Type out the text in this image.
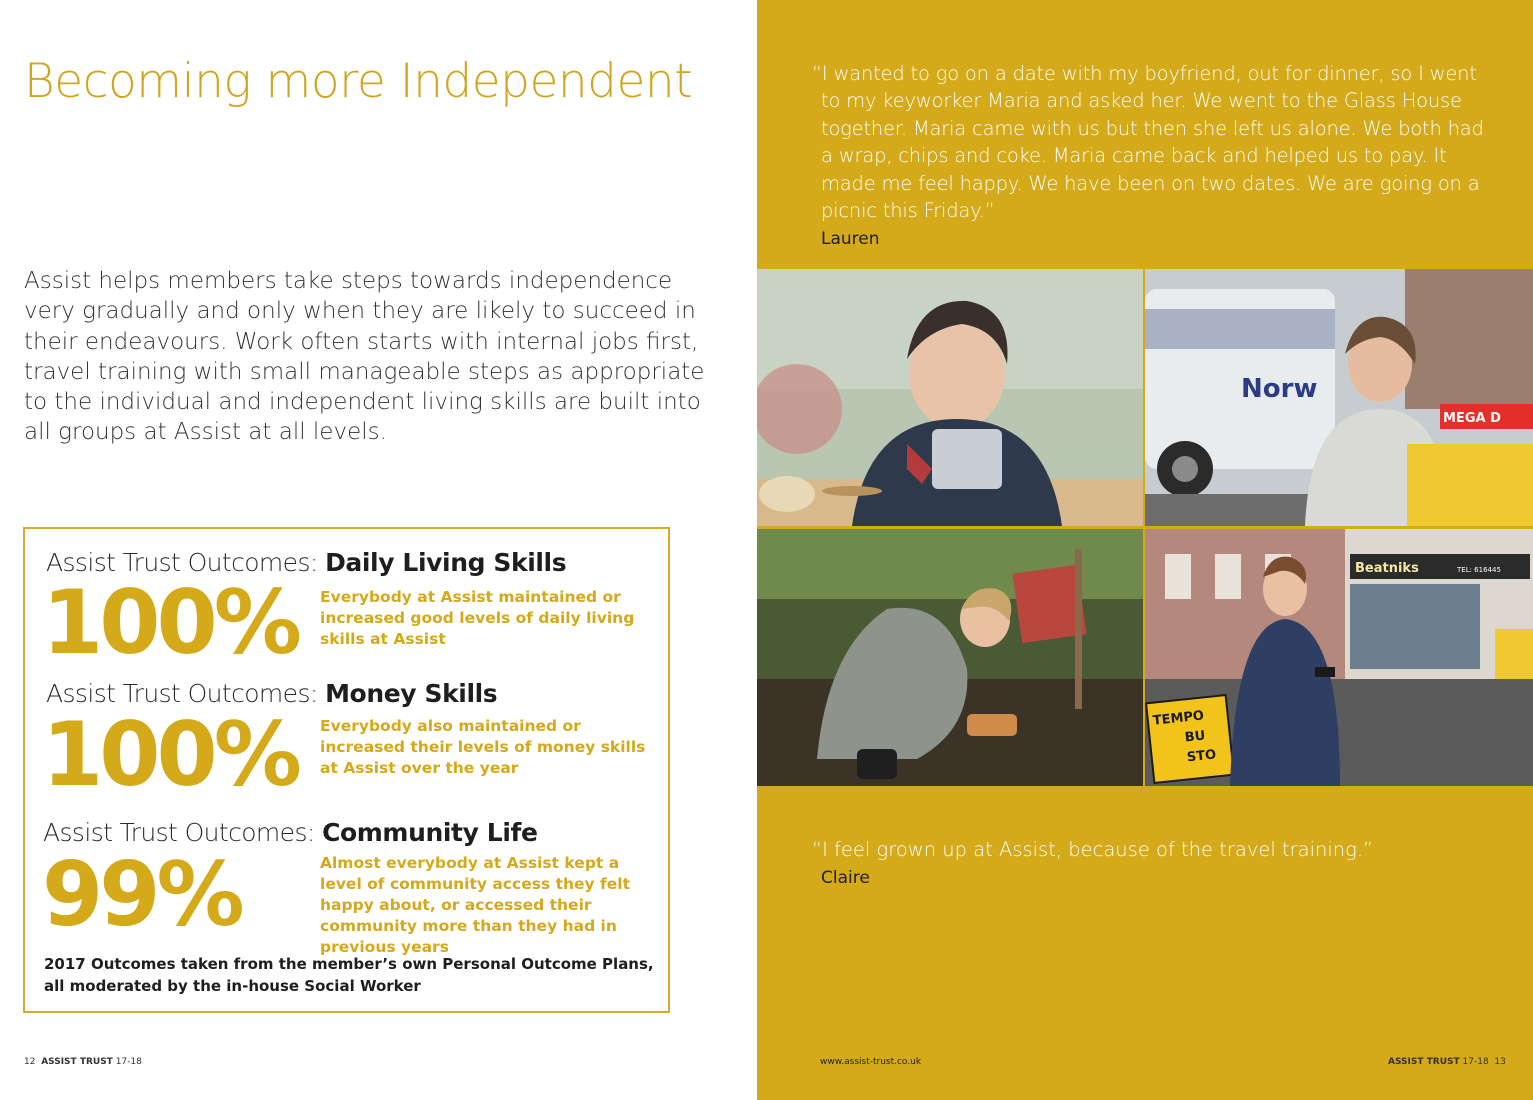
Becoming more Independent

Assist helps members take steps towards independence very gradually and only when they are likely to succeed in their endeavours. Work often starts with internal jobs first, travel training with small manageable steps as appropriate to the individual and independent living skills are built into all groups at Assist at all levels.

Assist Trust Outcomes: Daily Living Skills
100% Everybody at Assist maintained or increased good levels of daily living skills at Assist

Assist Trust Outcomes: Money Skills
100% Everybody also maintained or increased their levels of money skills at Assist over the year

Assist Trust Outcomes: Community Life
99%	Almost everybody at Assist kept a level of community access they felt happy about, or accessed their community more than they had in previous years

2017 Outcomes taken from the member’s own Personal Outcome Plans, all moderated by the in-house Social Worker

12 ASSIST TRUST 17-18

“I wanted to go on a date with my boyfriend, out for dinner, so I went to my keyworker Maria and asked her. We went to the Glass House together. Maria came with us but then she left us alone. We both had a wrap, chips and coke. Maria came back and helped us to pay. It made me feel happy. We have been on two dates. We are going on a picnic this Friday.”

Lauren
Norw
MEGA D
Beatniks	TEL: 616445
TEMPO
BU
STO

“I feel grown up at Assist, because of the travel training.”

Claire
www.assist-trust.co.uk	ASSIST TRUST 17-18 13
